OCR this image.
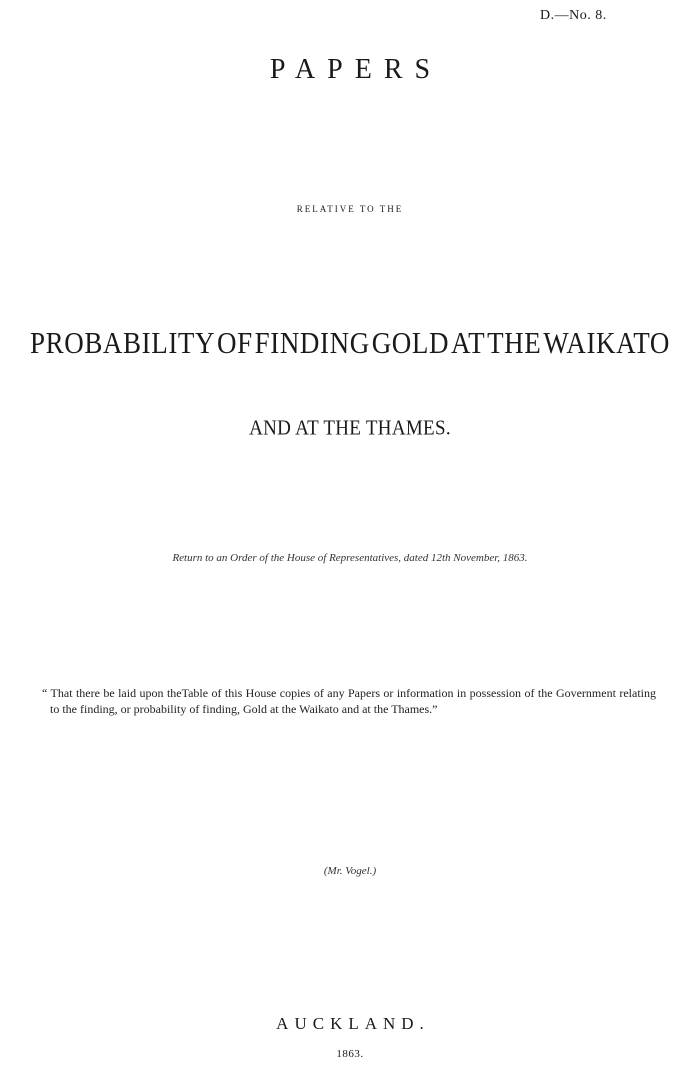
D.—No. 8.
PAPERS
RELATIVE TO THE
PROBABILITY OF FINDING GOLD AT THE WAIKATO
AND AT THE THAMES.
Return to an Order of the House of Representatives, dated 12th November, 1863.

“ That there be laid upon theTable of this House copies of any Papers or information in possession of the Government relating to the finding, or probability of finding, Gold at the Waikato and at the Thames.”

(Mr. Vogel.)
AUCKLAND.
1863.
